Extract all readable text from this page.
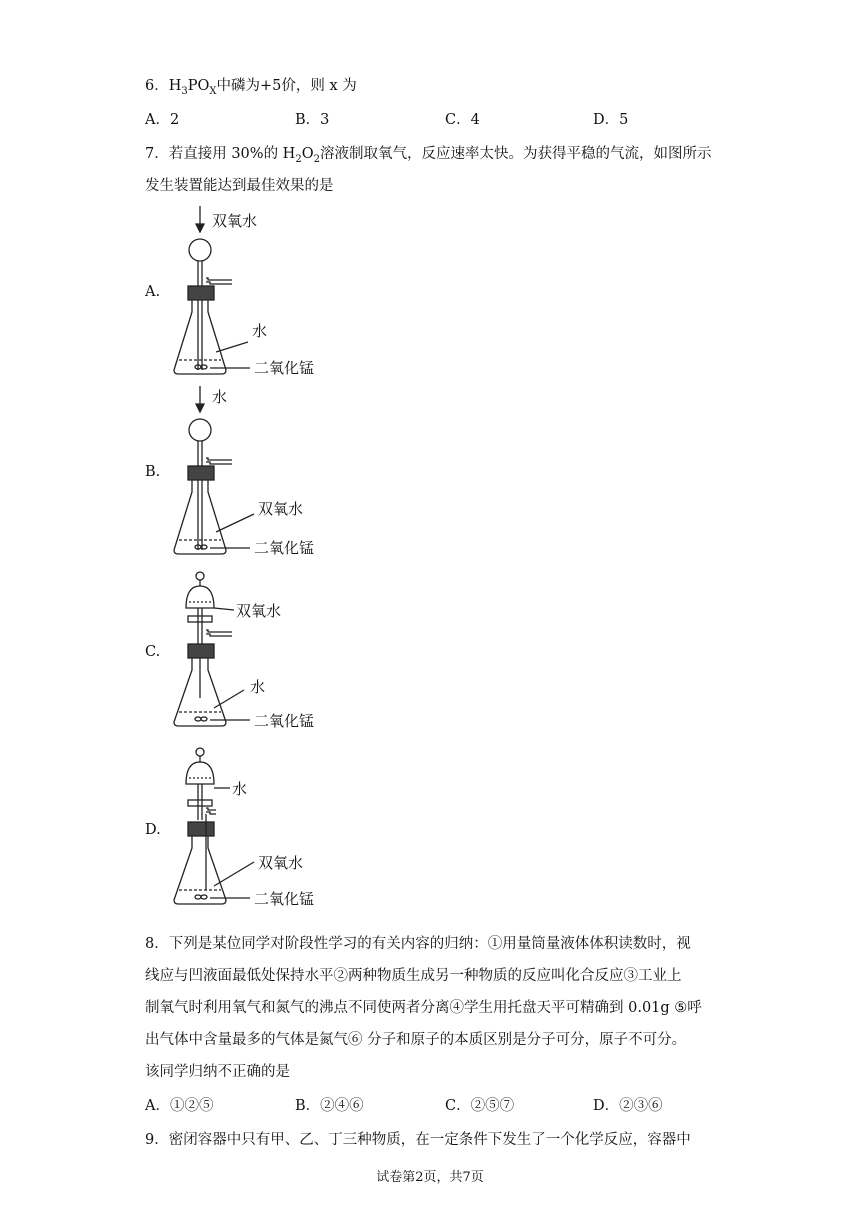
6．$H_3PO_X$中磷为+5价，则 x 为
A．2	B．3	C．4	D．5
7．若直接用 30%的 $H_2O_2$溶液制取氧气，反应速率太快。为获得平稳的气流，如图所示
发生装置能达到最佳效果的是
A.
双氧水
水
二氧化锰
B.
水
双氧水
二氧化锰
C.
双氧水
水
二氧化锰
D.
水
双氧水
二氧化锰
8．下列是某位同学对阶段性学习的有关内容的归纳：①用量筒量液体体积读数时，视
线应与凹液面最低处保持水平②两种物质生成另一种物质的反应叫化合反应③工业上
制氧气时利用氧气和氮气的沸点不同使两者分离④学生用托盘天平可精确到 0.01g ⑤呼
出气体中含量最多的气体是氮气⑥ 分子和原子的本质区别是分子可分，原子不可分。
该同学归纳不正确的是
A．①②⑤	B．②④⑥	C．②⑤⑦	D．②③⑥
9．密闭容器中只有甲、乙、丁三种物质，在一定条件下发生了一个化学反应，容器中
试卷第2页，共7页
